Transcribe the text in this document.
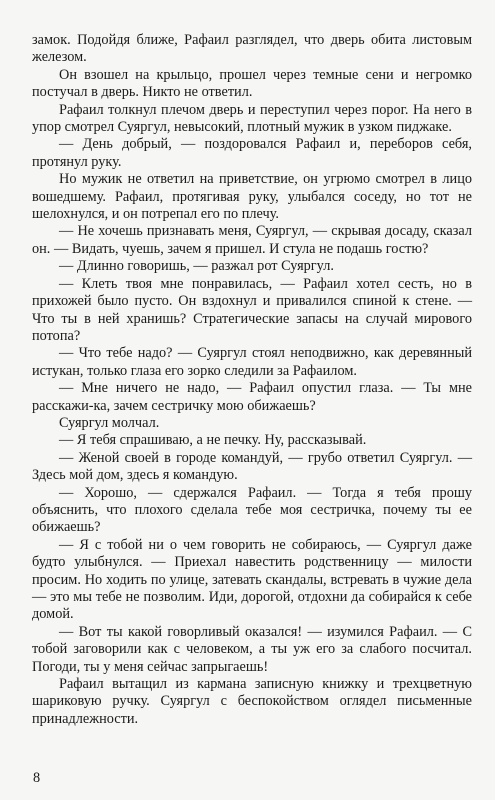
замок. Подойдя ближе, Рафаил разглядел, что дверь обита листовым железом.

Он взошел на крыльцо, прошел через темные сени и негромко постучал в дверь. Никто не ответил.

Рафаил толкнул плечом дверь и переступил через порог. На него в упор смотрел Суяргул, невысокий, плотный мужик в узком пиджаке.

— День добрый, — поздоровался Рафаил и, переборов себя, протянул руку.

Но мужик не ответил на приветствие, он угрюмо смотрел в лицо вошедшему. Рафаил, протягивая руку, улыбался соседу, но тот не шелохнулся, и он потрепал его по плечу.

— Не хочешь признавать меня, Суяргул, — скрывая досаду, сказал он. — Видать, чуешь, зачем я пришел. И стула не подашь гостю?

— Длинно говоришь, — разжал рот Суяргул.

— Клеть твоя мне понравилась, — Рафаил хотел сесть, но в прихожей было пусто. Он вздохнул и привалился спиной к стене. — Что ты в ней хранишь? Стратегические запасы на случай мирового потопа?

— Что тебе надо? — Суяргул стоял неподвижно, как деревянный истукан, только глаза его зорко следили за Рафаилом.

— Мне ничего не надо, — Рафаил опустил глаза. — Ты мне расскажи-ка, зачем сестричку мою обижаешь?

Суяргул молчал.

— Я тебя спрашиваю, а не печку. Ну, рассказывай.

— Женой своей в городе командуй, — грубо ответил Суяргул. — Здесь мой дом, здесь я командую.

— Хорошо, — сдержался Рафаил. — Тогда я тебя прошу объяснить, что плохого сделала тебе моя сестричка, почему ты ее обижаешь?

— Я с тобой ни о чем говорить не собираюсь, — Суяргул даже будто улыбнулся. — Приехал навестить родственницу — милости просим. Но ходить по улице, затевать скандалы, встревать в чужие дела — это мы тебе не позволим. Иди, дорогой, отдохни да собирайся к себе домой.

— Вот ты какой говорливый оказался! — изумился Рафаил. — С тобой заговорили как с человеком, а ты уж его за слабого посчитал. Погоди, ты у меня сейчас запрыгаешь!

Рафаил вытащил из кармана записную книжку и трехцветную шариковую ручку. Суяргул с беспокойством оглядел письменные принадлежности.

8
